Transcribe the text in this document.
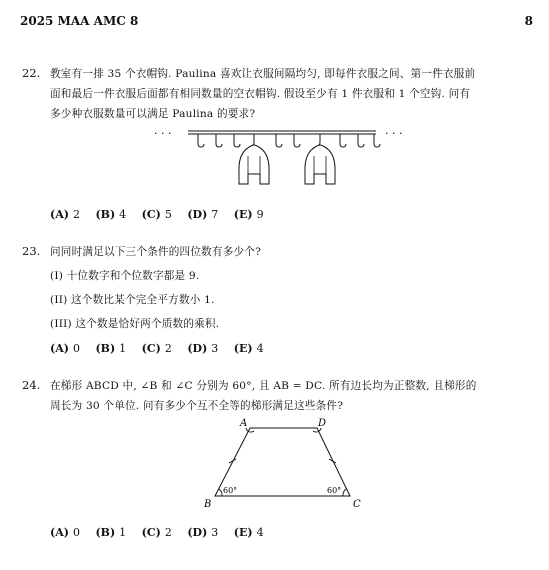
2025 MAA AMC 8	8
22. 教室有一排 35 个衣帽钩. Paulina 喜欢让衣服间隔均匀, 即每件衣服之间、第一件衣服前
面和最后一件衣服后面都有相同数量的空衣帽钩. 假设至少有 1 件衣服和 1 个空钩. 问有
多少种衣服数量可以满足 Paulina 的要求?
· · ·	· · ·
(A) 2 (B) 4 (C) 5 (D) 7 (E) 9
23. 问同时满足以下三个条件的四位数有多少个?
(I) 十位数字和个位数字都是 9.
(II) 这个数比某个完全平方数小 1.
(III) 这个数是恰好两个质数的乘积.
(A) 0 (B) 1 (C) 2 (D) 3 (E) 4
24. 在梯形 ABCD 中, ∠B 和 ∠C 分别为 60°, 且 AB = DC. 所有边长均为正整数, 且梯形的
周长为 30 个单位. 问有多少个互不全等的梯形满足这些条件?
A	D
B	C
60°	60°
(A) 0 (B) 1 (C) 2 (D) 3 (E) 4
